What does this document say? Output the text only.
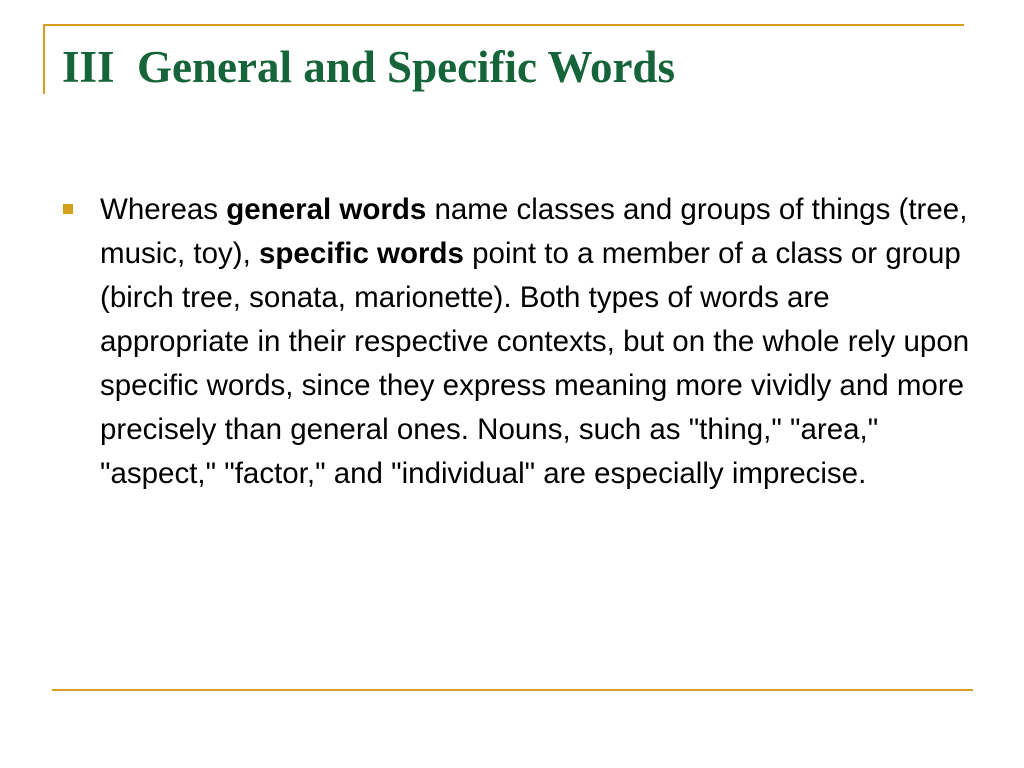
III  General and Specific Words

Whereas general words name classes and groups of things (tree, music, toy), specific words point to a member of a class or group (birch tree, sonata, marionette). Both types of words are appropriate in their respective contexts, but on the whole rely upon specific words, since they express meaning more vividly and more precisely than general ones. Nouns, such as "thing," "area," "aspect," "factor," and "individual" are especially imprecise.
